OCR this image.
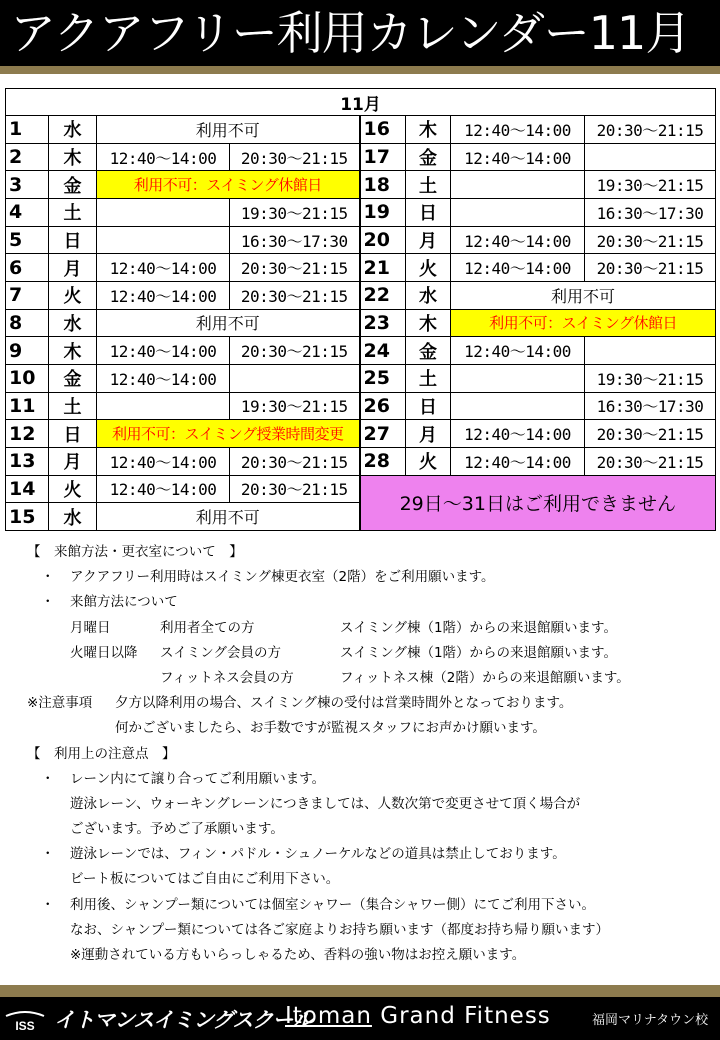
アクアフリー利用カレンダー11月
11月							
1	水	利用不可		16	木	12:40～14:00	20:30～21:15
2	木	12:40～14:00	20:30～21:15	17	金	12:40～14:00	
3	金	利用不可：スイミング休館日		18	土		19:30～21:15
4	土		19:30～21:15	19	日		16:30～17:30
5	日		16:30～17:30	20	月	12:40～14:00	20:30～21:15
6	月	12:40～14:00	20:30～21:15	21	火	12:40～14:00	20:30～21:15
7	火	12:40～14:00	20:30～21:15	22	水	利用不可	
8	水	利用不可		23	木	利用不可：スイミング休館日	
9	木	12:40～14:00	20:30～21:15	24	金	12:40～14:00	
10	金	12:40～14:00		25	土		19:30～21:15
11	土		19:30～21:15	26	日		16:30～17:30
12	日	利用不可：スイミング授業時間変更		27	月	12:40～14:00	20:30～21:15
13	月	12:40～14:00	20:30～21:15	28	火	12:40～14:00	20:30～21:15
14	火	12:40～14:00	20:30～21:15	29日～31日はご利用できません			
15	水	利用不可					
【　来館方法・更衣室について　】
・ アクアフリー利用時はスイミング棟更衣室（2階）をご利用願います。
・ 来館方法について
月曜日	利用者全ての方	スイミング棟（1階）からの来退館願います。
火曜日以降 スイミング会員の方	スイミング棟（1階）からの来退館願います。
フィットネス会員の方	フィットネス棟（2階）からの来退館願います。
※注意事項 夕方以降利用の場合、スイミング棟の受付は営業時間外となっております。
何かございましたら、お手数ですが監視スタッフにお声かけ願います。
【　利用上の注意点　】
・ レーン内にて譲り合ってご利用願います。
遊泳レーン、ウォーキングレーンにつきましては、人数次第で変更させて頂く場合が
ございます。予めご了承願います。
・ 遊泳レーンでは、フィン・パドル・シュノーケルなどの道具は禁止しております。
ビート板についてはご自由にご利用下さい。
・ 利用後、シャンプー類については個室シャワー（集合シャワー側）にてご利用下さい。
なお、シャンプー類については各ご家庭よりお持ち願います（都度お持ち帰り願います）
※運動されている方もいらっしゃるため、香料の強い物はお控え願います。
ISS イトマンスイミングスクール
Itoman Grand Fitness	福岡マリナタウン校
